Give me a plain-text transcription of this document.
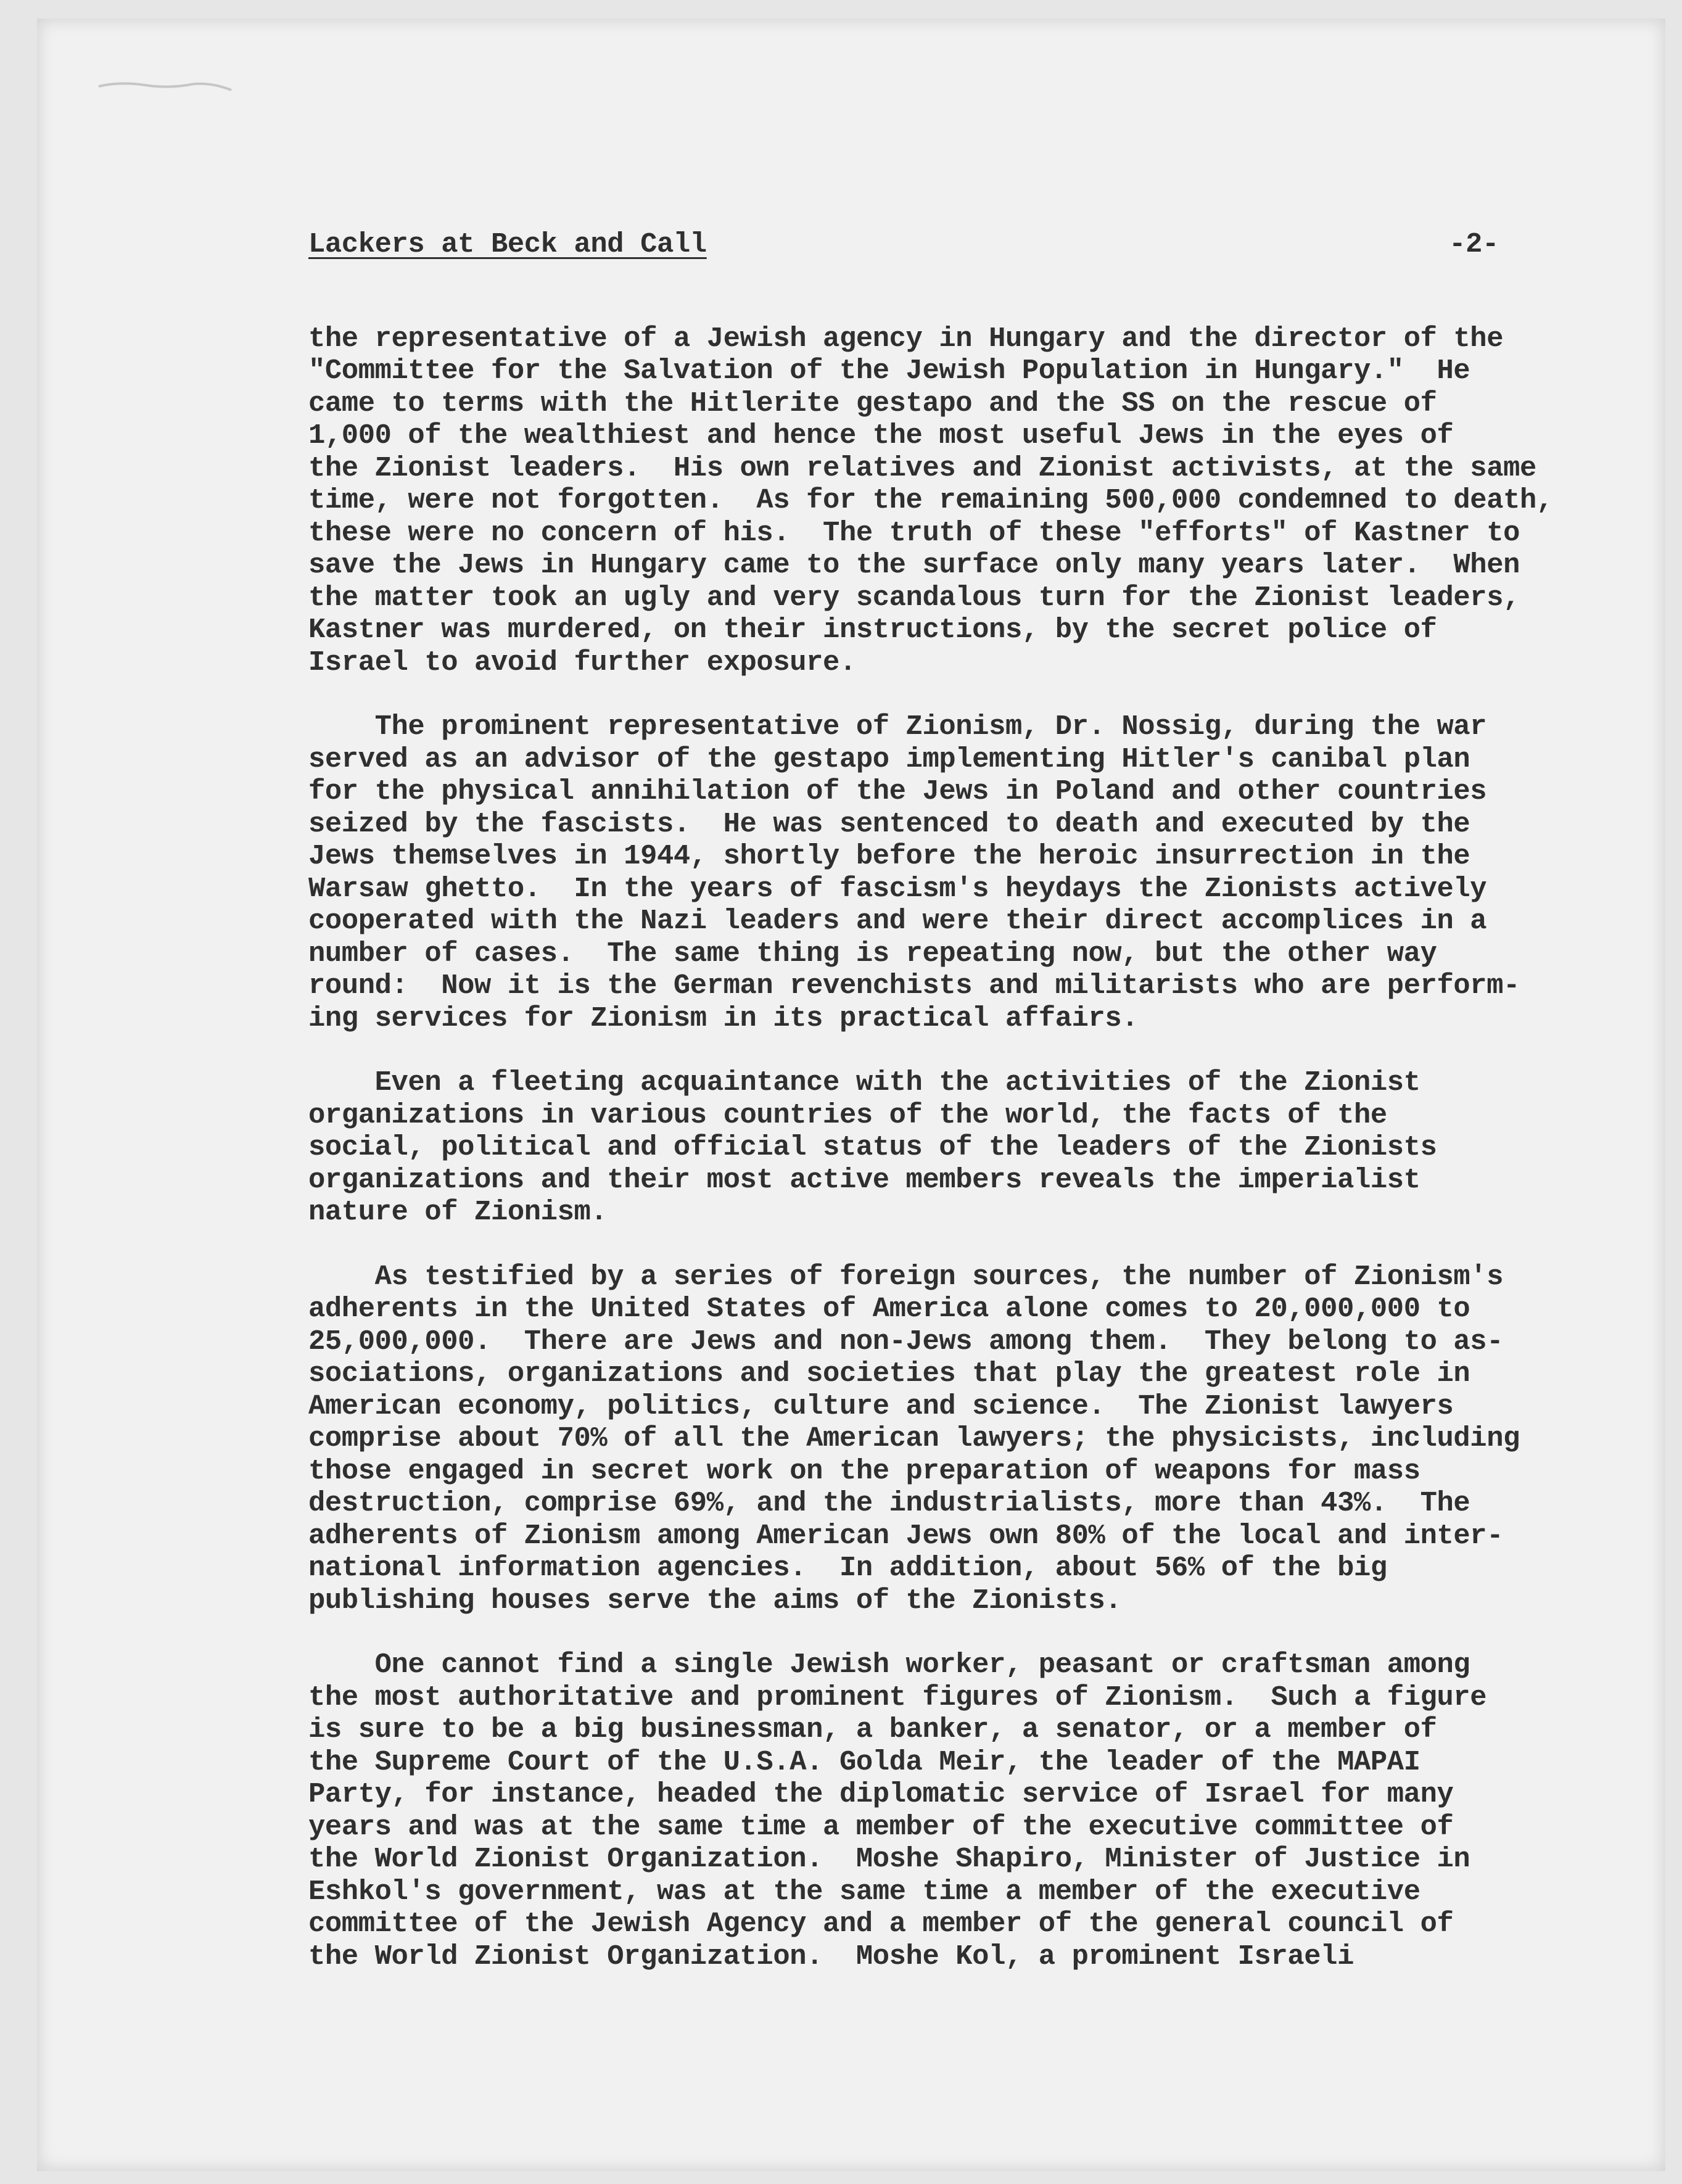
Lackers at Beck and Call	-2-
the representative of a Jewish agency in Hungary and the director of the
"Committee for the Salvation of the Jewish Population in Hungary."  He
came to terms with the Hitlerite gestapo and the SS on the rescue of
1,000 of the wealthiest and hence the most useful Jews in the eyes of
the Zionist leaders.  His own relatives and Zionist activists, at the same
time, were not forgotten.  As for the remaining 500,000 condemned to death,
these were no concern of his.  The truth of these "efforts" of Kastner to
save the Jews in Hungary came to the surface only many years later.  When
the matter took an ugly and very scandalous turn for the Zionist leaders,
Kastner was murdered, on their instructions, by the secret police of
Israel to avoid further exposure.
The prominent representative of Zionism, Dr. Nossig, during the war
served as an advisor of the gestapo implementing Hitler's canibal plan
for the physical annihilation of the Jews in Poland and other countries
seized by the fascists.  He was sentenced to death and executed by the
Jews themselves in 1944, shortly before the heroic insurrection in the
Warsaw ghetto.  In the years of fascism's heydays the Zionists actively
cooperated with the Nazi leaders and were their direct accomplices in a
number of cases.  The same thing is repeating now, but the other way
round:  Now it is the German revenchists and militarists who are perform-
ing services for Zionism in its practical affairs.
Even a fleeting acquaintance with the activities of the Zionist
organizations in various countries of the world, the facts of the
social, political and official status of the leaders of the Zionists
organizations and their most active members reveals the imperialist
nature of Zionism.
As testified by a series of foreign sources, the number of Zionism's
adherents in the United States of America alone comes to 20,000,000 to
25,000,000.  There are Jews and non-Jews among them.  They belong to as-
sociations, organizations and societies that play the greatest role in
American economy, politics, culture and science.  The Zionist lawyers
comprise about 70% of all the American lawyers; the physicists, including
those engaged in secret work on the preparation of weapons for mass
destruction, comprise 69%, and the industrialists, more than 43%.  The
adherents of Zionism among American Jews own 80% of the local and inter-
national information agencies.  In addition, about 56% of the big
publishing houses serve the aims of the Zionists.
One cannot find a single Jewish worker, peasant or craftsman among
the most authoritative and prominent figures of Zionism.  Such a figure
is sure to be a big businessman, a banker, a senator, or a member of
the Supreme Court of the U.S.A. Golda Meir, the leader of the MAPAI
Party, for instance, headed the diplomatic service of Israel for many
years and was at the same time a member of the executive committee of
the World Zionist Organization.  Moshe Shapiro, Minister of Justice in
Eshkol's government, was at the same time a member of the executive
committee of the Jewish Agency and a member of the general council of
the World Zionist Organization.  Moshe Kol, a prominent Israeli
